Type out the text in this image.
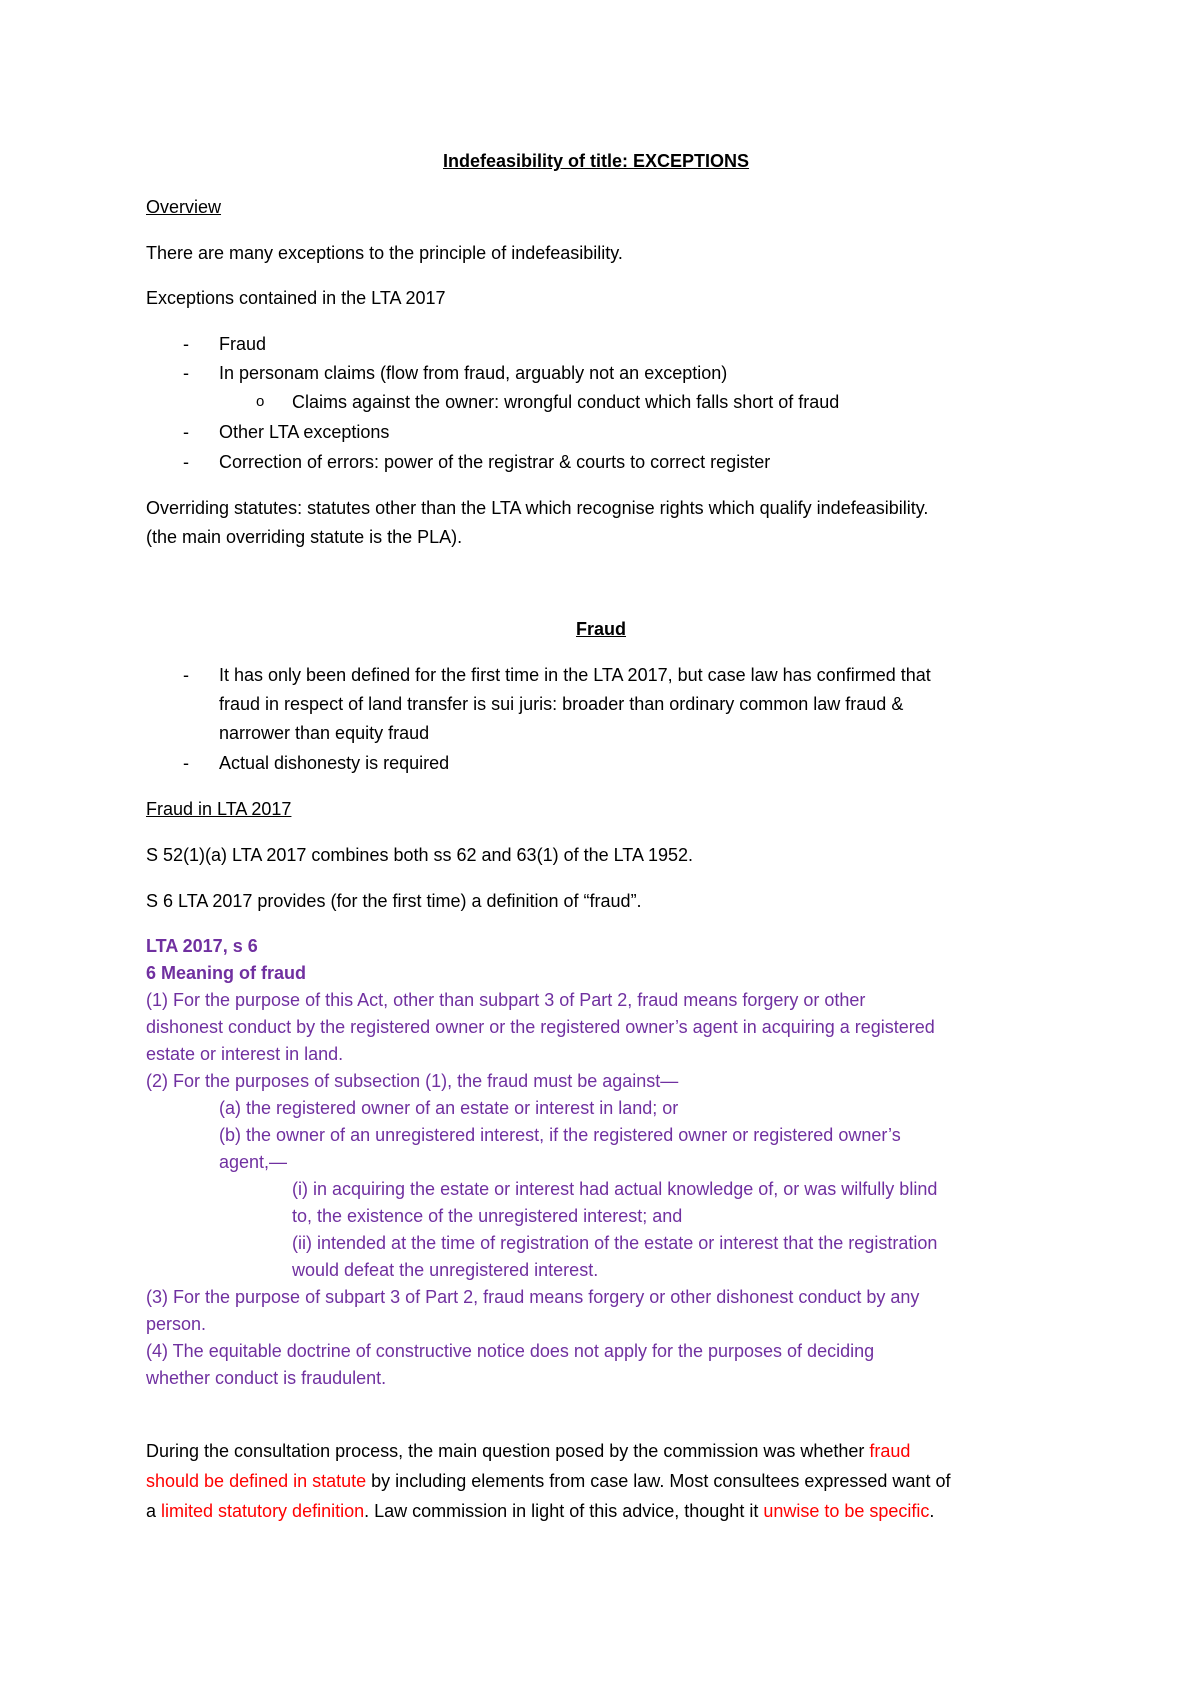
Indefeasibility of title: EXCEPTIONS
Overview
There are many exceptions to the principle of indefeasibility.
Exceptions contained in the LTA 2017
-	Fraud
-	In personam claims (flow from fraud, arguably not an exception)
o Claims against the owner: wrongful conduct which falls short of fraud
-	Other LTA exceptions
-	Correction of errors: power of the registrar & courts to correct register
Overriding statutes: statutes other than the LTA which recognise rights which qualify indefeasibility.
(the main overriding statute is the PLA).
Fraud
-	It has only been defined for the first time in the LTA 2017, but case law has confirmed that
fraud in respect of land transfer is sui juris: broader than ordinary common law fraud &
narrower than equity fraud
-	Actual dishonesty is required
Fraud in LTA 2017
S 52(1)(a) LTA 2017 combines both ss 62 and 63(1) of the LTA 1952.
S 6 LTA 2017 provides (for the first time) a definition of “fraud”.
LTA 2017, s 6
6 Meaning of fraud
(1) For the purpose of this Act, other than subpart 3 of Part 2, fraud means forgery or other
dishonest conduct by the registered owner or the registered owner’s agent in acquiring a registered
estate or interest in land.
(2) For the purposes of subsection (1), the fraud must be against—
(a) the registered owner of an estate or interest in land; or
(b) the owner of an unregistered interest, if the registered owner or registered owner’s
agent,—
(i) in acquiring the estate or interest had actual knowledge of, or was wilfully blind
to, the existence of the unregistered interest; and
(ii) intended at the time of registration of the estate or interest that the registration
would defeat the unregistered interest.
(3) For the purpose of subpart 3 of Part 2, fraud means forgery or other dishonest conduct by any
person.
(4) The equitable doctrine of constructive notice does not apply for the purposes of deciding
whether conduct is fraudulent.
During the consultation process, the main question posed by the commission was whether fraud
should be defined in statute by including elements from case law. Most consultees expressed want of
a limited statutory definition. Law commission in light of this advice, thought it unwise to be specific.
